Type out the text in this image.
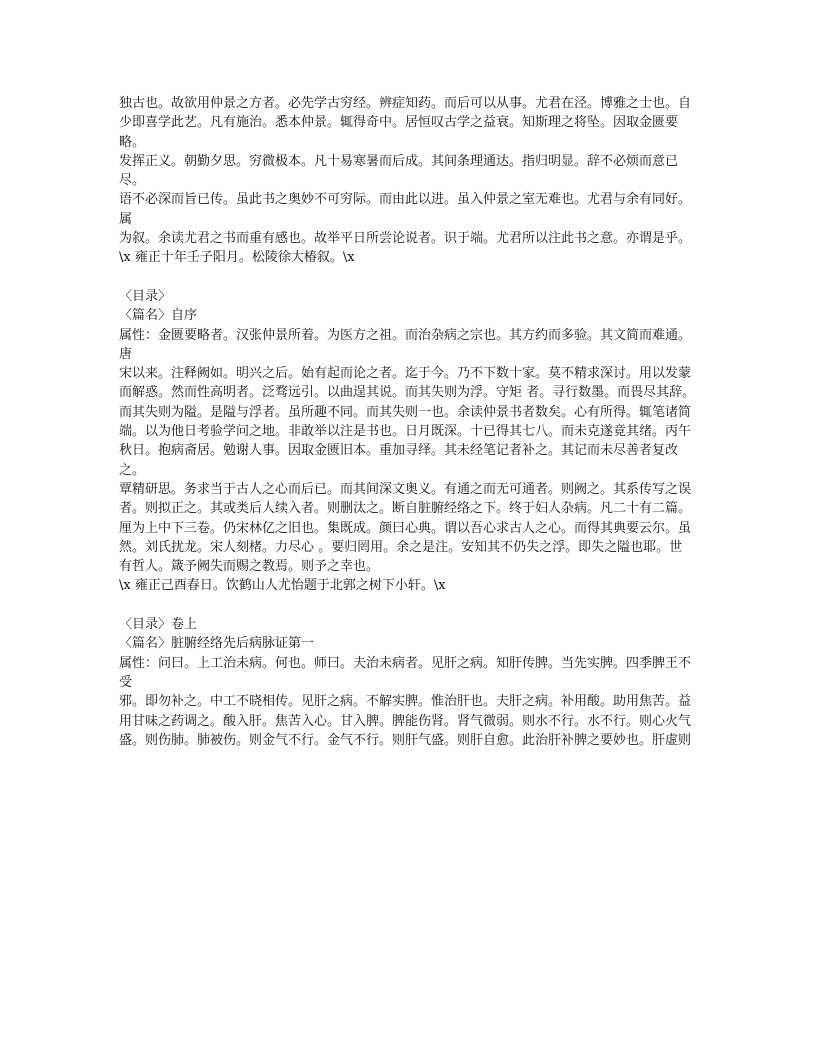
独古也。故欲用仲景之方者。必先学古穷经。辨症知药。而后可以从事。尤君在泾。博雅之士也。自

少即喜学此艺。凡有施治。悉本仲景。辄得奇中。居恒叹古学之益衰。知斯理之将坠。因取金匮要略。

发挥正义。朝勤夕思。穷微极本。凡十易寒暑而后成。其间条理通达。指归明显。辞不必烦而意已尽。

语不必深而旨已传。虽此书之奥妙不可穷际。而由此以进。虽入仲景之室无难也。尤君与余有同好。属

为叙。余读尤君之书而重有感也。故举平日所尝论说者。识于端。尤君所以注此书之意。亦谓是乎。

\x 雍正十年壬子阳月。松陵徐大椿叙。\x

〈目录〉

〈篇名〉自序

属性：金匮要略者。汉张仲景所着。为医方之祖。而治杂病之宗也。其方约而多验。其文简而难通。唐

宋以来。注释阙如。明兴之后。始有起而论之者。迄于今。乃不下数十家。莫不精求深讨。用以发蒙

而解惑。然而性高明者。泛骛远引。以曲逞其说。而其失则为浮。守矩 者。寻行数墨。而畏尽其辞。

而其失则为隘。是隘与浮者。虽所趣不同。而其失则一也。余读仲景书者数矣。心有所得。辄笔诸简

端。以为他日考验学问之地。非敢举以注是书也。日月既深。十已得其七八。而未克遂竟其绪。丙午

秋日。抱病斋居。勉谢人事。因取金匮旧本。重加寻绎。其未经笔记者补之。其记而未尽善者复改之。

覃精研思。务求当于古人之心而后已。而其间深文奥义。有通之而无可通者。则阙之。其系传写之误

者。则拟正之。其或类后人续入者。则删汰之。断自脏腑经络之下。终于妇人杂病。凡二十有二篇。

厘为上中下三卷。仍宋林亿之旧也。集既成。颜曰心典。谓以吾心求古人之心。而得其典要云尔。虽

然。刘氏扰龙。宋人刻楮。力尽心 。要归罔用。余之是注。安知其不仍失之浮。即失之隘也耶。世

有哲人。箴予阙失而赐之教焉。则予之幸也。

\x 雍正己酉春日。饮鹤山人尤怡题于北郭之树下小轩。\x

〈目录〉卷上

〈篇名〉脏腑经络先后病脉证第一

属性：问曰。上工治未病。何也。师曰。夫治未病者。见肝之病。知肝传脾。当先实脾。四季脾王不受

邪。即勿补之。中工不晓相传。见肝之病。不解实脾。惟治肝也。夫肝之病。补用酸。助用焦苦。益

用甘味之药调之。酸入肝。焦苦入心。甘入脾。脾能伤肾。肾气微弱。则水不行。水不行。则心火气

盛。则伤肺。肺被伤。则金气不行。金气不行。则肝气盛。则肝自愈。此治肝补脾之要妙也。肝虚则
